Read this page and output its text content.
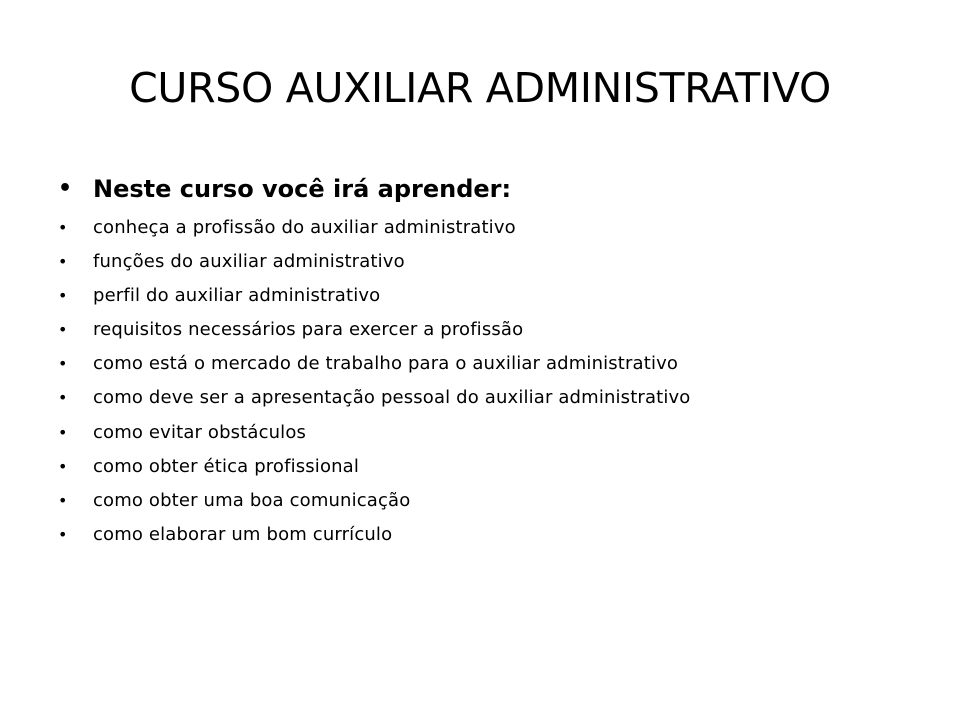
CURSO AUXILIAR ADMINISTRATIVO
• Neste curso você irá aprender:
• conheça a profissão do auxiliar administrativo
• funções do auxiliar administrativo
• perfil do auxiliar administrativo
• requisitos necessários para exercer a profissão
• como está o mercado de trabalho para o auxiliar administrativo
• como deve ser a apresentação pessoal do auxiliar administrativo
• como evitar obstáculos
• como obter ética profissional
• como obter uma boa comunicação
• como elaborar um bom currículo
